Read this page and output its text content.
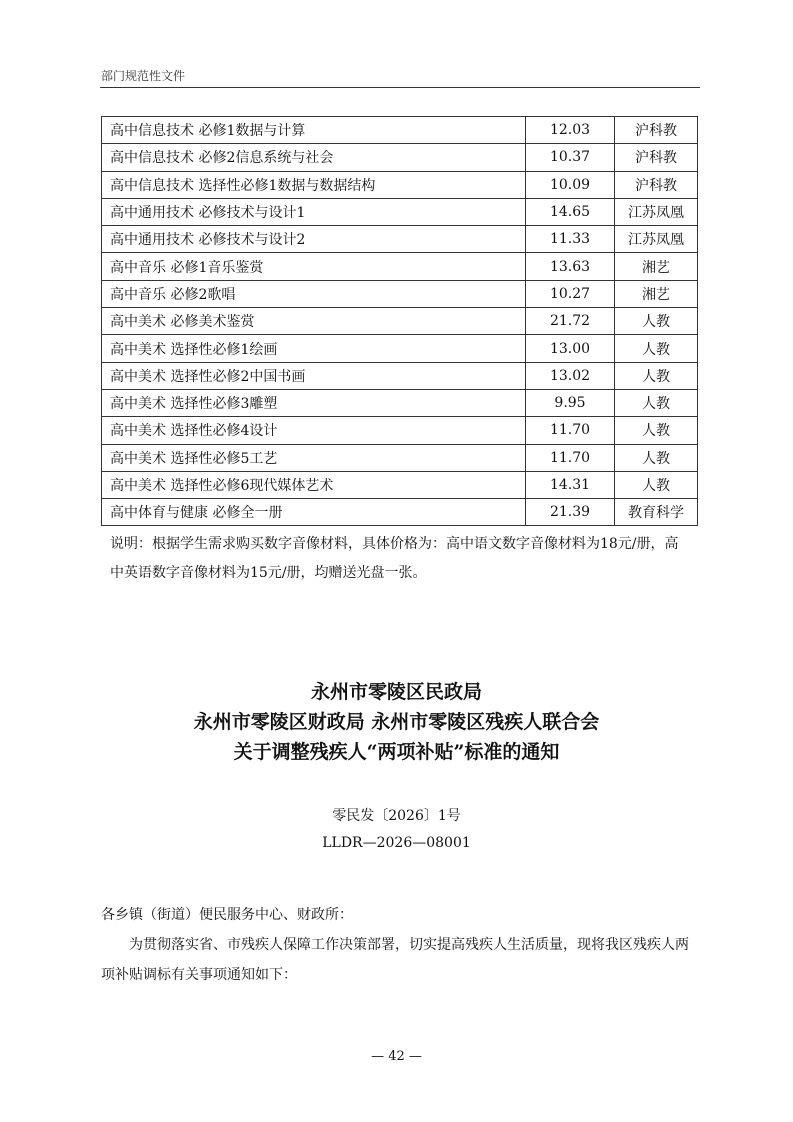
部门规范性文件
高中信息技术 必修1数据与计算	12.03	沪科教
高中信息技术 必修2信息系统与社会	10.37	沪科教
高中信息技术 选择性必修1数据与数据结构	10.09	沪科教
高中通用技术 必修技术与设计1	14.65	江苏凤凰
高中通用技术 必修技术与设计2	11.33	江苏凤凰
高中音乐 必修1音乐鉴赏	13.63	湘艺
高中音乐 必修2歌唱	10.27	湘艺
高中美术 必修美术鉴赏	21.72	人教
高中美术 选择性必修1绘画	13.00	人教
高中美术 选择性必修2中国书画	13.02	人教
高中美术 选择性必修3雕塑	9.95	人教
高中美术 选择性必修4设计	11.70	人教
高中美术 选择性必修5工艺	11.70	人教
高中美术 选择性必修6现代媒体艺术	14.31	人教
高中体育与健康 必修全一册	21.39	教育科学
说明：根据学生需求购买数字音像材料，具体价格为：高中语文数字音像材料为18元/册，高中英语数字音像材料为15元/册，均赠送光盘一张。
永州市零陵区民政局
永州市零陵区财政局 永州市零陵区残疾人联合会
关于调整残疾人“两项补贴”标准的通知
零民发〔2026〕1号
LLDR—2026—08001
各乡镇（街道）便民服务中心、财政所：
为贯彻落实省、市残疾人保障工作决策部署，切实提高残疾人生活质量，现将我区残疾人两项补贴调标有关事项通知如下：
— 42 —
